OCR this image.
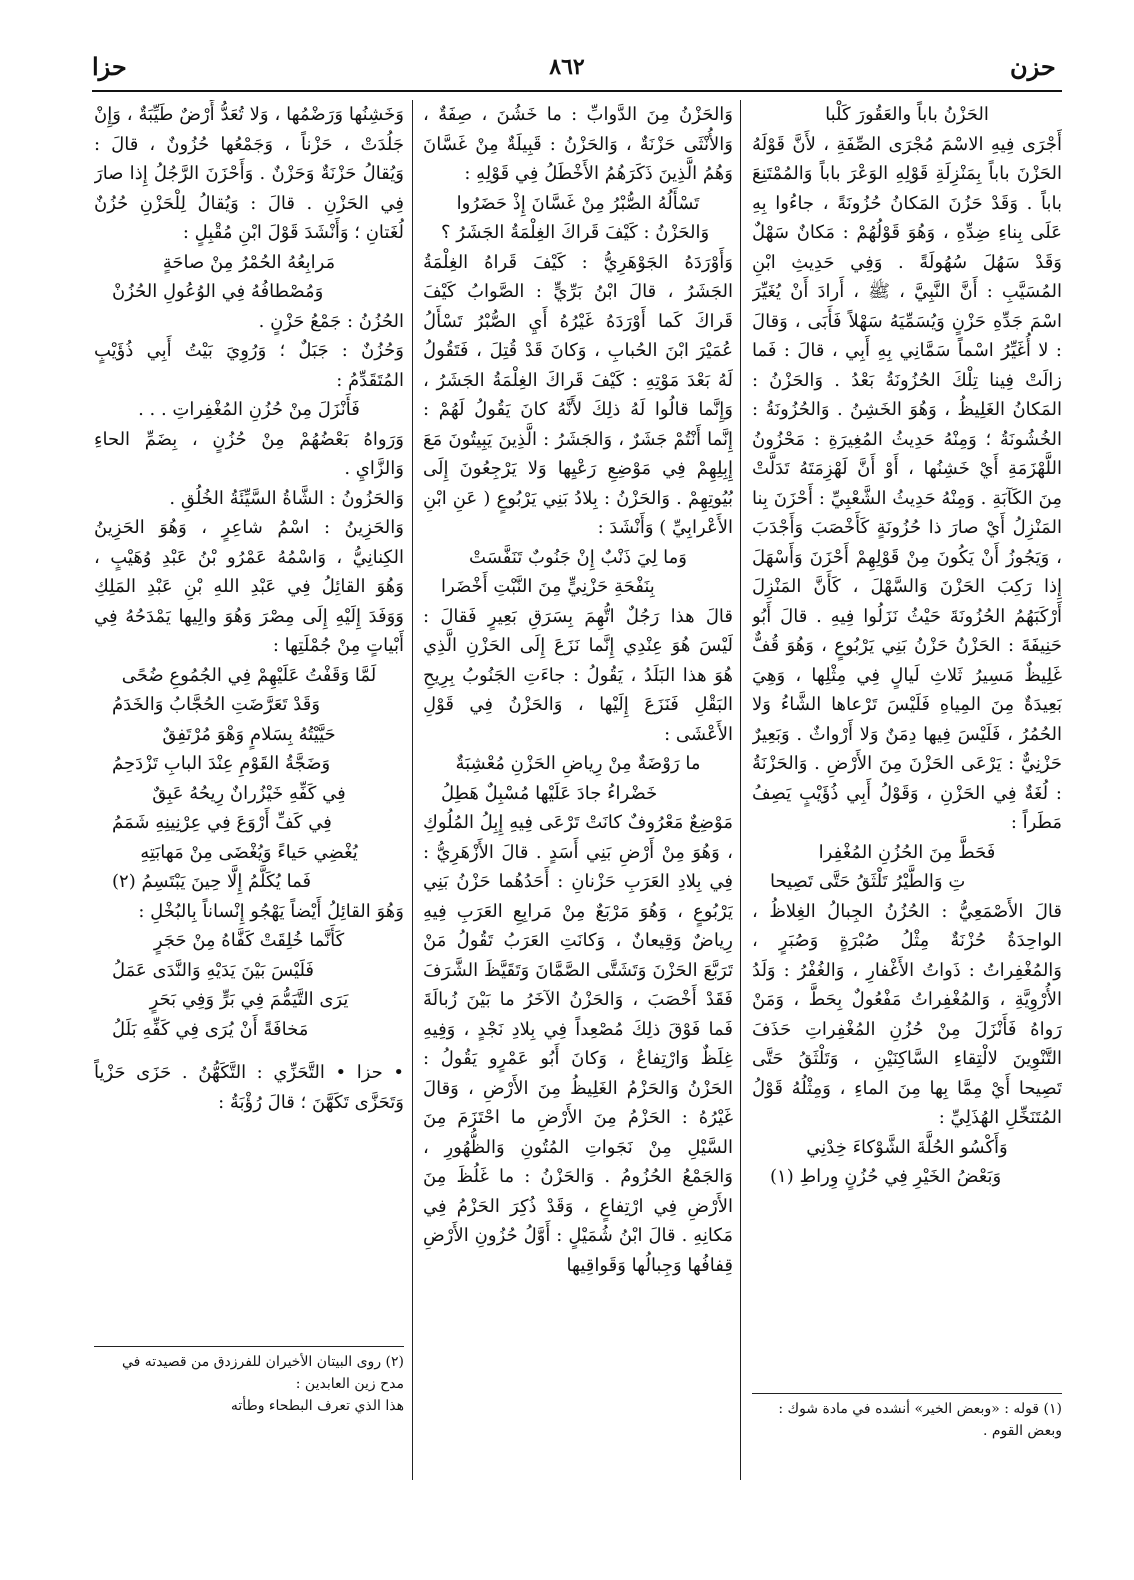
حزا	٨٦٢	حزن

الحَزْنُ باباً والعَقُورَ كَلْبا

أَجْرَى فِيهِ الاسْمَ مُجْرَى الصِّفَةِ ، لأَنَّ قَوْلَهُ الحَزْنَ باباً بِمَنْزِلَةِ قَوْلِهِ الوَعْرَ باباً وَالمُمْتَنِعَ باباً . وَقَدْ حَزُنَ المَكانُ حُزُونَةً ، جاءُوا بِهِ عَلَى بِناءِ ضِدِّهِ ، وَهُوَ قَوْلُهُمْ : مَكانٌ سَهْلٌ وَقَدْ سَهُلَ سُهُولَةً . وَفِي حَدِيثِ ابْنِ المُسَيَّبِ : أَنَّ النَّبِيَّ ، ﷺ ، أَرادَ أَنْ يُغَيِّرَ اسْمَ جَدِّهِ حَزْنٍ وَيُسَمِّيَهُ سَهْلاً فَأَبَى ، وَقالَ : لا أُغَيِّرُ اسْماً سَمَّانِي بِهِ أَبِي ، قالَ : فَما زالَتْ فِينا تِلْكَ الحُزُونَةُ بَعْدُ . وَالحَزْنُ : المَكانُ الغَلِيظُ ، وَهُوَ الخَشِنُ . وَالحُزُونَةُ : الخُشُونَةُ ؛ وَمِنْهُ حَدِيثُ المُغِيرَةِ : مَحْزُونُ اللَّهْزَمَةِ أَيْ خَشِنُها ، أَوْ أَنَّ لَهْزِمَتَهُ تَدَلَّتْ مِنَ الكَآبَةِ . وَمِنْهُ حَدِيثُ الشَّعْبِيِّ : أَحْزَنَ بِنا المَنْزِلُ أَيْ صارَ ذا حُزُونَةٍ كَأَخْصَبَ وَأَجْدَبَ ، وَيَجُوزُ أَنْ يَكُونَ مِنْ قَوْلِهِمْ أَحْزَنَ وَأَسْهَلَ إِذا رَكِبَ الحَزْنَ وَالسَّهْلَ ، كَأَنَّ المَنْزِلَ أَرْكَبَهُمُ الحُزُونَةَ حَيْثُ نَزَلُوا فِيهِ . قالَ أَبُو حَنِيفَةَ : الحَزْنُ حَزْنُ بَنِي يَرْبُوعٍ ، وَهُوَ قُفٌّ غَلِيظٌ مَسِيرُ ثَلاثِ لَيالٍ فِي مِثْلِها ، وَهِيَ بَعِيدَةٌ مِنَ المِياهِ فَلَيْسَ تَرْعاها الشَّاءُ وَلا الحُمُرُ ، فَلَيْسَ فِيها دِمَنٌ وَلا أَرْواثٌ . وَبَعِيرٌ حَزْنِيٌّ : يَرْعَى الحَزْنَ مِنَ الأَرْضِ . وَالحَزْنَةُ : لُغَةٌ فِي الحَزْنِ ، وَقَوْلُ أَبِي ذُؤَيْبٍ يَصِفُ مَطَراً :

فَحَطَّ مِنَ الحُزُنِ المُغْفِرا

تِ وَالطَّيْرُ تَلْثَقُ حَتَّى تَصِيحا

قالَ الأَصْمَعِيُّ : الحُزُنُ الجِبالُ الغِلاظُ ، الواحِدَةُ حُزْنَةٌ مِثْلُ صُبْرَةٍ وَصُبَرٍ ، وَالمُغْفِراتُ : ذَواتُ الأَغْفارِ ، وَالغُفْرُ : وَلَدُ الأُرْوِيَّةِ ، وَالمُغْفِراتُ مَفْعُولٌ بِحَطَّ ، وَمَنْ رَواهُ فَأَنْزَلَ مِنْ حُزُنِ المُغْفِراتِ حَذَفَ التَّنْوِينَ لالْتِقاءِ السَّاكِنَيْنِ ، وَتَلْثَقُ حَتَّى تَصِيحا أَيْ مِمَّا بِها مِنَ الماءِ ، وَمِثْلُهُ قَوْلُ المُتَنَخِّلِ الهُذَلِيِّ :

وَأَكْسُو الحُلَّةَ الشَّوْكاءَ خِدْنِي

وَبَعْضُ الخَيْرِ فِي حُزُنٍ وِراطِ (١)

وَالحَزْنُ مِنَ الدَّوابِّ : ما خَشُنَ ، صِفَةٌ ، وَالأُنْثَى حَزْنَةٌ ، وَالحَزْنُ : قَبِيلَةٌ مِنْ غَسَّانَ وَهُمُ الَّذِينَ ذَكَرَهُمُ الأَخْطَلُ فِي قَوْلِهِ :

تَسْأَلُهُ الصُّبْرُ مِنْ غَسَّانَ إِذْ حَضَرُوا

وَالحَزْنُ : كَيْفَ قَراكَ الغِلْمَةُ الجَشَرُ ؟

وَأَوْرَدَهُ الجَوْهَرِيُّ : كَيْفَ قَراهُ الغِلْمَةُ الجَشَرُ ، قالَ ابْنُ بَرِّيٍّ : الصَّوابُ كَيْفَ قَراكَ كَما أَوْرَدَهُ غَيْرُهُ أَيِ الصُّبْرُ تَسْأَلُ عُمَيْرَ ابْنَ الحُبابِ ، وَكانَ قَدْ قُتِلَ ، فَتَقُولُ لَهُ بَعْدَ مَوْتِهِ : كَيْفَ قَراكَ الغِلْمَةُ الجَشَرُ ، وَإِنَّما قالُوا لَهُ ذلِكَ لأَنَّهُ كانَ يَقُولُ لَهُمْ : إِنَّما أَنْتُمْ جَشَرٌ ، وَالجَشَرُ : الَّذِينَ يَبِيتُونَ مَعَ إِبِلِهِمْ فِي مَوْضِعِ رَعْيِها وَلا يَرْجِعُونَ إِلَى بُيُوتِهِمْ . وَالحَزْنُ : بِلادُ بَنِي يَرْبُوعٍ ( عَنِ ابْنِ الأَعْرابِيِّ ) وَأَنْشَدَ :

وَما لِيَ ذَنْبٌ إِنْ جَنُوبٌ تَنَفَّسَتْ

بِنَفْحَةِ حَزْنِيٍّ مِنَ النَّبْتِ أَخْضَرا

قالَ هذا رَجُلٌ اتُّهِمَ بِسَرَقِ بَعِيرٍ فَقالَ : لَيْسَ هُوَ عِنْدِي إِنَّما نَزَعَ إِلَى الحَزْنِ الَّذِي هُوَ هذا البَلَدُ ، يَقُولُ : جاءَتِ الجَنُوبُ بِرِيحِ البَقْلِ فَنَزَعَ إِلَيْها ، وَالحَزْنُ فِي قَوْلِ الأَعْشَى :

ما رَوْضَةٌ مِنْ رِياضِ الحَزْنِ مُعْشِبَةٌ

خَضْراءُ جادَ عَلَيْها مُسْبِلٌ هَطِلُ

مَوْضِعٌ مَعْرُوفٌ كانَتْ تَرْعَى فِيهِ إِبِلُ المُلُوكِ ، وَهُوَ مِنْ أَرْضِ بَنِي أَسَدٍ . قالَ الأَزْهَرِيُّ : فِي بِلادِ العَرَبِ حَزْنانِ : أَحَدُهُما حَزْنُ بَنِي يَرْبُوعٍ ، وَهُوَ مَرْبَعٌ مِنْ مَرابِعِ العَرَبِ فِيهِ رِياضٌ وَقِيعانٌ ، وَكانَتِ العَرَبُ تَقُولُ مَنْ تَرَبَّعَ الحَزْنَ وَتَشَتَّى الصَّمَّانَ وَتَقَيَّظَ الشَّرَفَ فَقَدْ أَخْصَبَ ، وَالحَزْنُ الآخَرُ ما بَيْنَ زُبالَةَ فَما فَوْقَ ذلِكَ مُصْعِداً فِي بِلادِ نَجْدٍ ، وَفِيهِ غِلَظٌ وَارْتِفاعٌ ، وَكانَ أَبُو عَمْرٍو يَقُولُ : الحَزْنُ وَالحَزْمُ الغَلِيظُ مِنَ الأَرْضِ ، وَقالَ غَيْرُهُ : الحَزْمُ مِنَ الأَرْضِ ما احْتَزَمَ مِنَ السَّيْلِ مِنْ نَجَواتِ المُتُونِ وَالظُّهُورِ ، وَالجَمْعُ الحُزُومُ . وَالحَزْنُ : ما غَلُظَ مِنَ الأَرْضِ فِي ارْتِفاعٍ ، وَقَدْ ذُكِرَ الحَزْمُ فِي مَكانِهِ . قالَ ابْنُ شُمَيْلٍ : أَوَّلُ حُزُونِ الأَرْضِ قِفافُها وَجِبالُها وَقَواقِيها

وَخَشِنُها وَرَضْمُها ، وَلا تُعَدُّ أَرْضٌ طَيِّبَةٌ ، وَإِنْ جَلُدَتْ ، حَزْناً ، وَجَمْعُها حُزُونٌ ، قالَ : وَيُقالُ حَزْنَةٌ وَحَزْنٌ . وَأَحْزَنَ الرَّجُلُ إِذا صارَ فِي الحَزْنِ . قالَ : وَيُقالُ لِلْحَزْنِ حُزُنٌ لُغَتانِ ؛ وَأَنْشَدَ قَوْلَ ابْنِ مُقْبِلٍ :

مَرابِعُهُ الحُمْرُ مِنْ صاحَةٍ

وَمُصْطافُهُ فِي الوُعُولِ الحُزُنْ

الحُزُنُ : جَمْعُ حَزْنٍ .

وَحُزُنٌ : جَبَلٌ ؛ وَرُوِيَ بَيْتُ أَبِي ذُؤَيْبٍ المُتَقَدِّمُ :

فَأَنْزَلَ مِنْ حُزُنِ المُغْفِراتِ . . .

وَرَواهُ بَعْضُهُمْ مِنْ حُزُنٍ ، بِضَمِّ الحاءِ وَالزَّايِ .

وَالحَزُونُ : الشَّاةُ السَّيِّئَةُ الخُلُقِ .

وَالحَزِينُ : اسْمُ شاعِرٍ ، وَهُوَ الحَزِينُ الكِنانِيُّ ، وَاسْمُهُ عَمْرُو بْنُ عَبْدِ وُهَيْبٍ ، وَهُوَ القائِلُ فِي عَبْدِ اللهِ بْنِ عَبْدِ المَلِكِ وَوَفَدَ إِلَيْهِ إِلَى مِصْرَ وَهُوَ والِيها يَمْدَحُهُ فِي أَبْياتٍ مِنْ جُمْلَتِها :

لَمَّا وَقَفْتُ عَلَيْهِمْ فِي الجُمُوعِ ضُحًى

وَقَدْ تَعَرَّضَتِ الحُجَّابُ وَالخَدَمُ

حَيَّيْتُهُ بِسَلامٍ وَهْوَ مُرْتَفِقٌ

وَضَجَّةُ القَوْمِ عِنْدَ البابِ تَزْدَحِمُ

فِي كَفِّهِ خَيْزُرانٌ رِيحُهُ عَبِقٌ

فِي كَفِّ أَرْوَعَ فِي عِرْنِينِهِ شَمَمُ

يُغْضِي حَياءً وَيُغْضَى مِنْ مَهابَتِهِ

فَما يُكَلَّمُ إِلَّا حِينَ يَبْتَسِمُ (٢)

وَهُوَ القائِلُ أَيْضاً يَهْجُو إِنْساناً بِالبُخْلِ :

كَأَنَّما خُلِقَتْ كَفَّاهُ مِنْ حَجَرٍ

فَلَيْسَ بَيْنَ يَدَيْهِ وَالنَّدَى عَمَلُ

يَرَى التَّيَمُّمَ فِي بَرٍّ وَفِي بَحَرٍ

مَخافَةً أَنْ يُرَى فِي كَفِّهِ بَلَلُ

• حزا • التَّحَزِّي : التَّكَهُّنُ . حَزَى حَزْياً وَتَحَزَّى تَكَهَّنَ ؛ قالَ رُؤْبَةُ :

(١) قوله : «وبعض الخير» أنشده في مادة شوك : وبعض القوم .
(٢) روى البيتان الأخيران للفرزدق من قصيدته في مدح زين العابدين :
هذا الذي تعرف البطحاء وطأته
